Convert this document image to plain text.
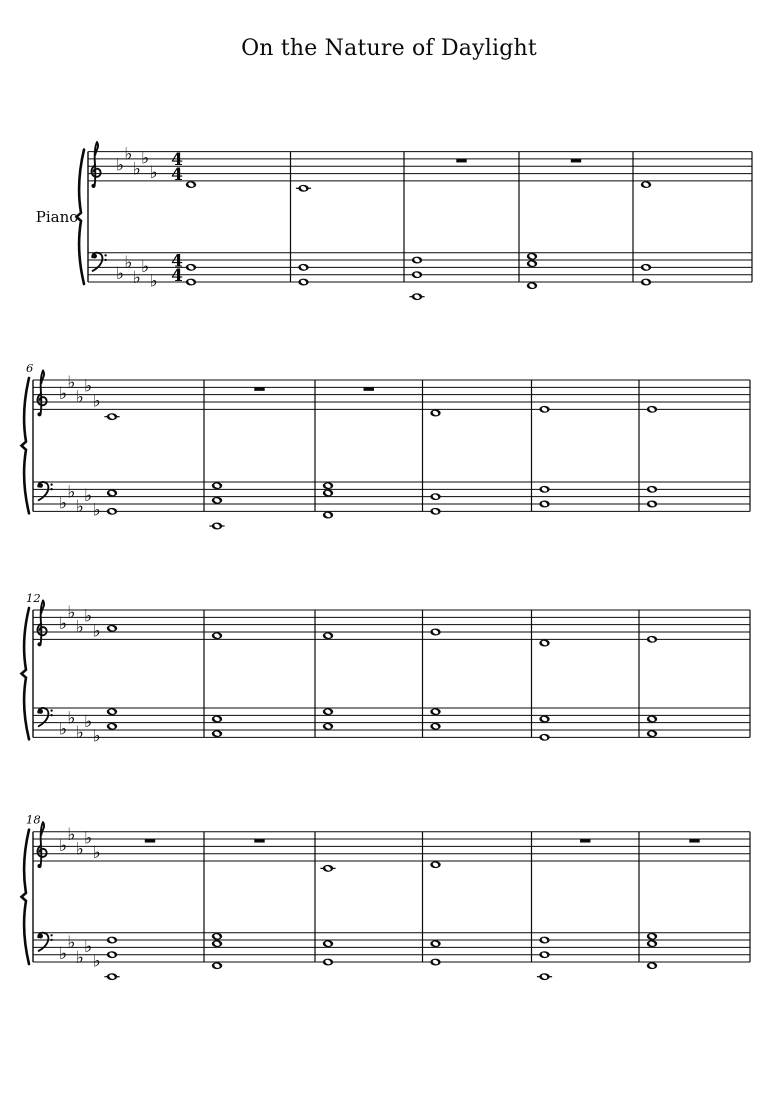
On the Nature of Daylight
♭
♭
♭
♭
♭
♭
♭
♭
♭
♭
4
4
4
4
Piano
♭
♭
♭
♭
♭
♭
♭
♭
♭
♭
6
♭
♭
♭
♭
♭
♭
♭
♭
♭
♭
12
♭
♭
♭
♭
♭
♭
♭
♭
♭
♭
18
